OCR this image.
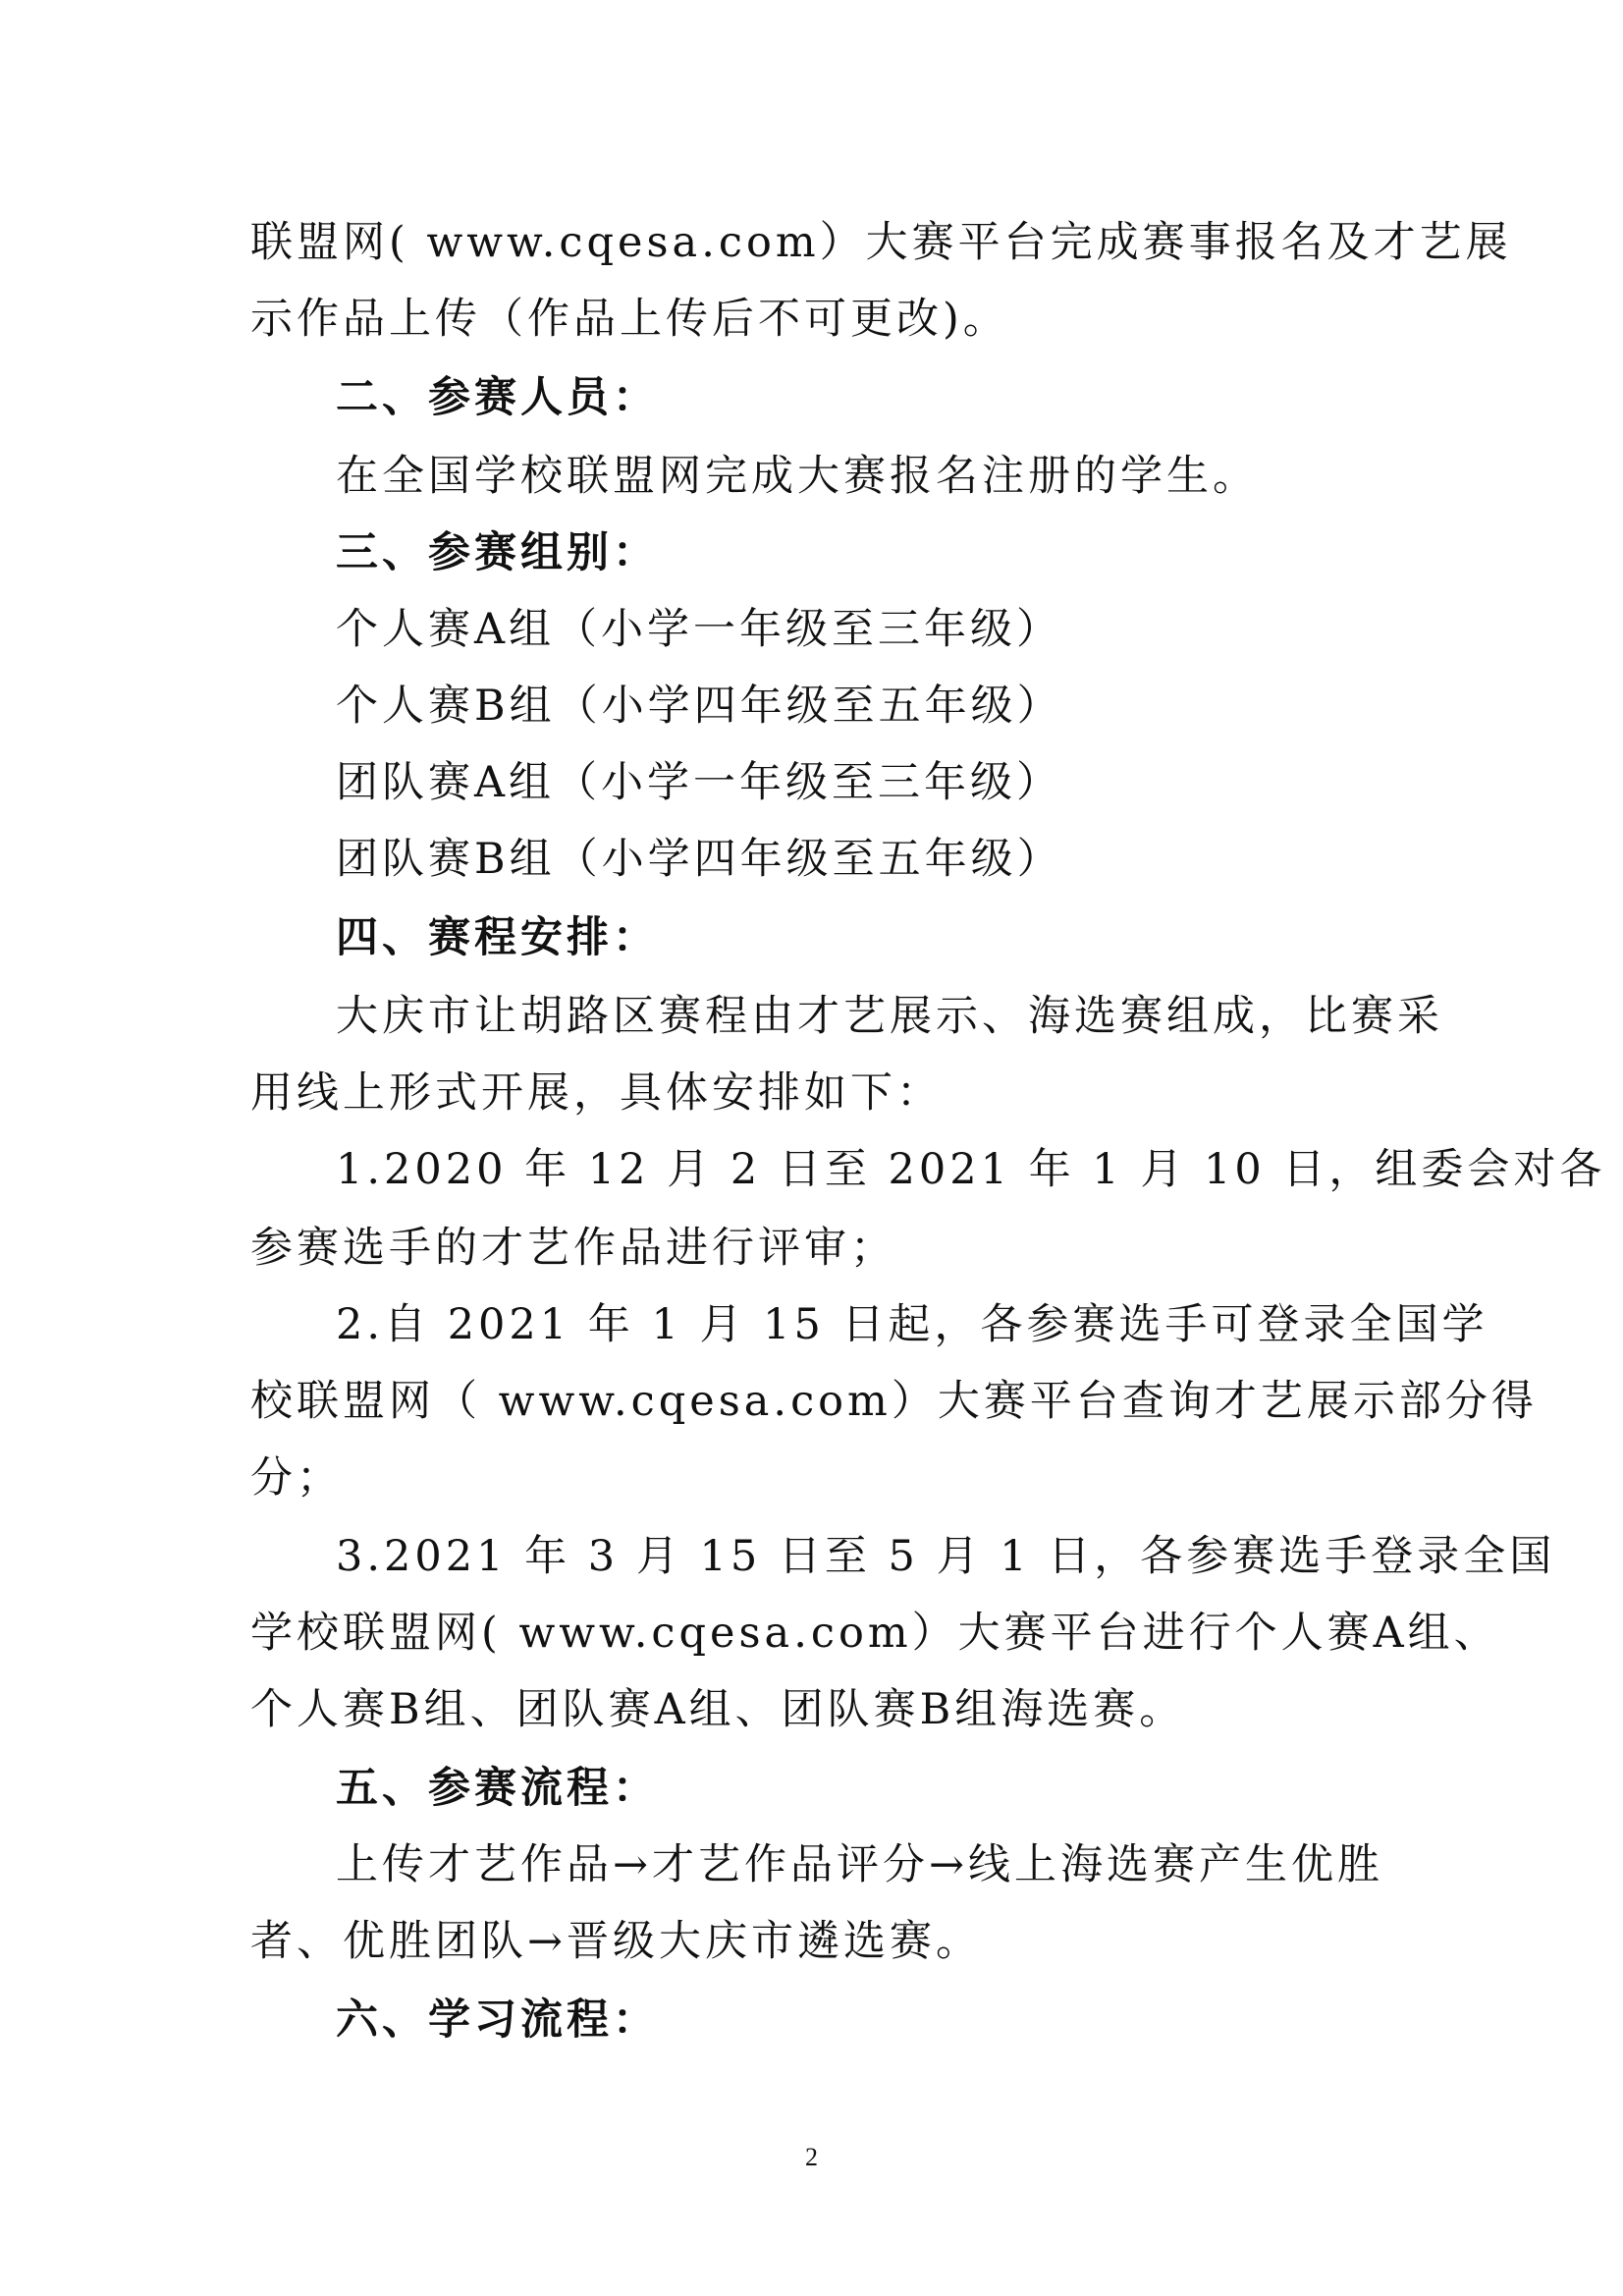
联盟网( www.cqesa.com）大赛平台完成赛事报名及才艺展
示作品上传（作品上传后不可更改)。
二、参赛人员：
在全国学校联盟网完成大赛报名注册的学生。
三、参赛组别：
个人赛A组（小学一年级至三年级）
个人赛B组（小学四年级至五年级）
团队赛A组（小学一年级至三年级）
团队赛B组（小学四年级至五年级）
四、赛程安排：
大庆市让胡路区赛程由才艺展示、海选赛组成，比赛采
用线上形式开展，具体安排如下：
1.2020 年 12 月 2 日至 2021 年 1 月 10 日，组委会对各
参赛选手的才艺作品进行评审；
2.自 2021 年 1 月 15 日起，各参赛选手可登录全国学
校联盟网（ www.cqesa.com）大赛平台查询才艺展示部分得
分；
3.2021 年 3 月 15 日至 5 月 1 日，各参赛选手登录全国
学校联盟网( www.cqesa.com）大赛平台进行个人赛A组、
个人赛B组、团队赛A组、团队赛B组海选赛。
五、参赛流程：
上传才艺作品→才艺作品评分→线上海选赛产生优胜
者、优胜团队→晋级大庆市遴选赛。
六、学习流程：
2
